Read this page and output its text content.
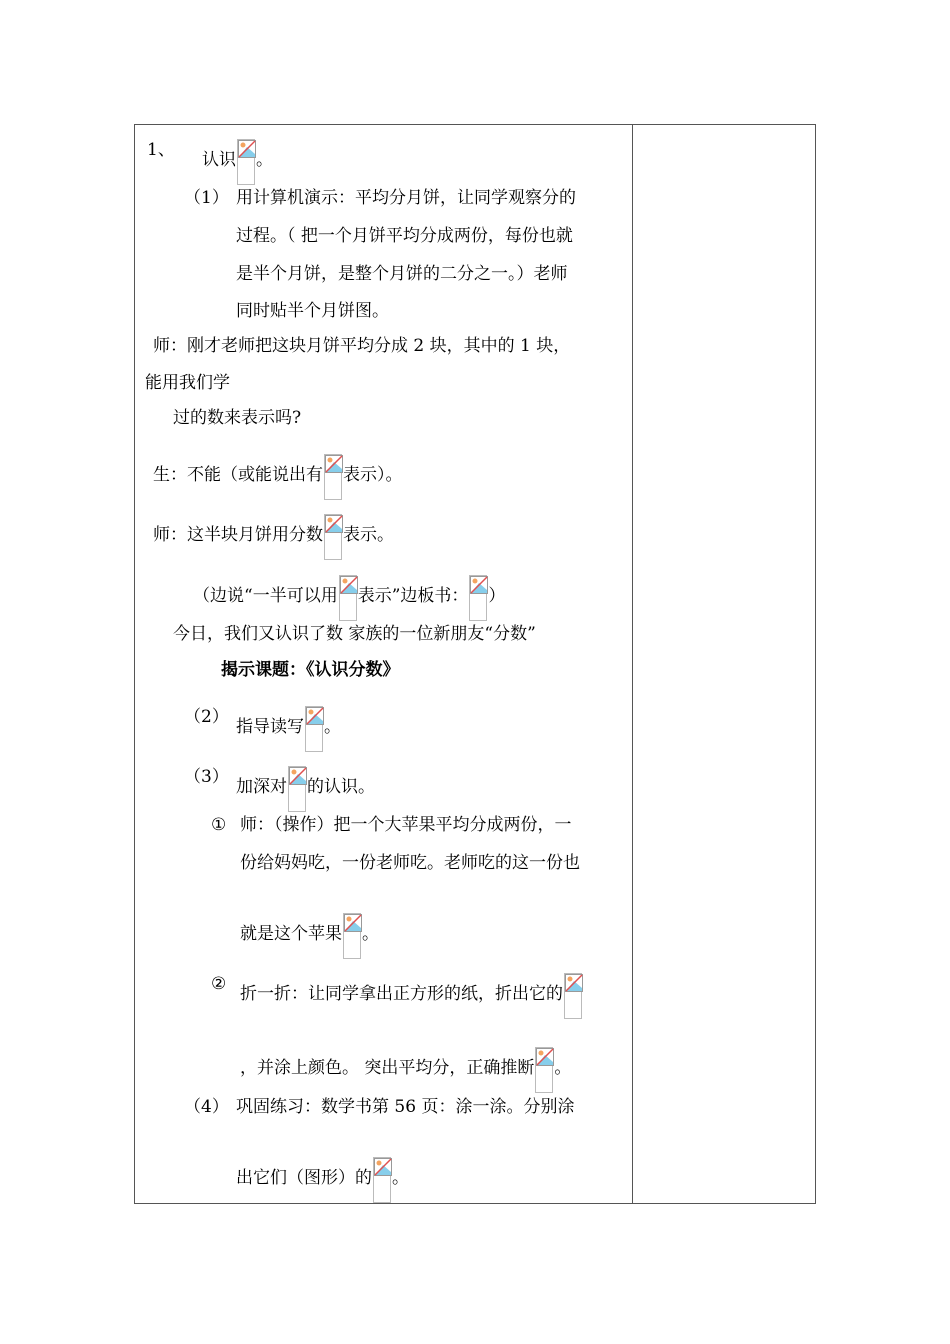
1、 认识 。
（1） 用计算机演示：平均分月饼，让同学观察分的
过程。（ 把一个月饼平均分成两份，每份也就
是半个月饼，是整个月饼的二分之一。）老师
同时贴半个月饼图。
师：刚才老师把这块月饼平均分成 2 块，其中的 1 块，
能用我们学
过的数来表示吗?
生：不能（或能说出有 表示）。
师：这半块月饼用分数 表示。
（边说“一半可以用 表示”边板书： ）
今日，我们又认识了数 家族的一位新朋友“分数”
揭示课题：《认识分数》
（2） 指导读写 。
（3） 加深对 的认识。
① 师：（操作）把一个大苹果平均分成两份，一
份给妈妈吃，一份老师吃。老师吃的这一份也
就是这个苹果 。
② 折一折：让同学拿出正方形的纸，折出它的
，并涂上颜色。 突出平均分，正确推断 。
（4） 巩固练习：数学书第 56 页：涂一涂。分别涂
出它们（图形）的 。
